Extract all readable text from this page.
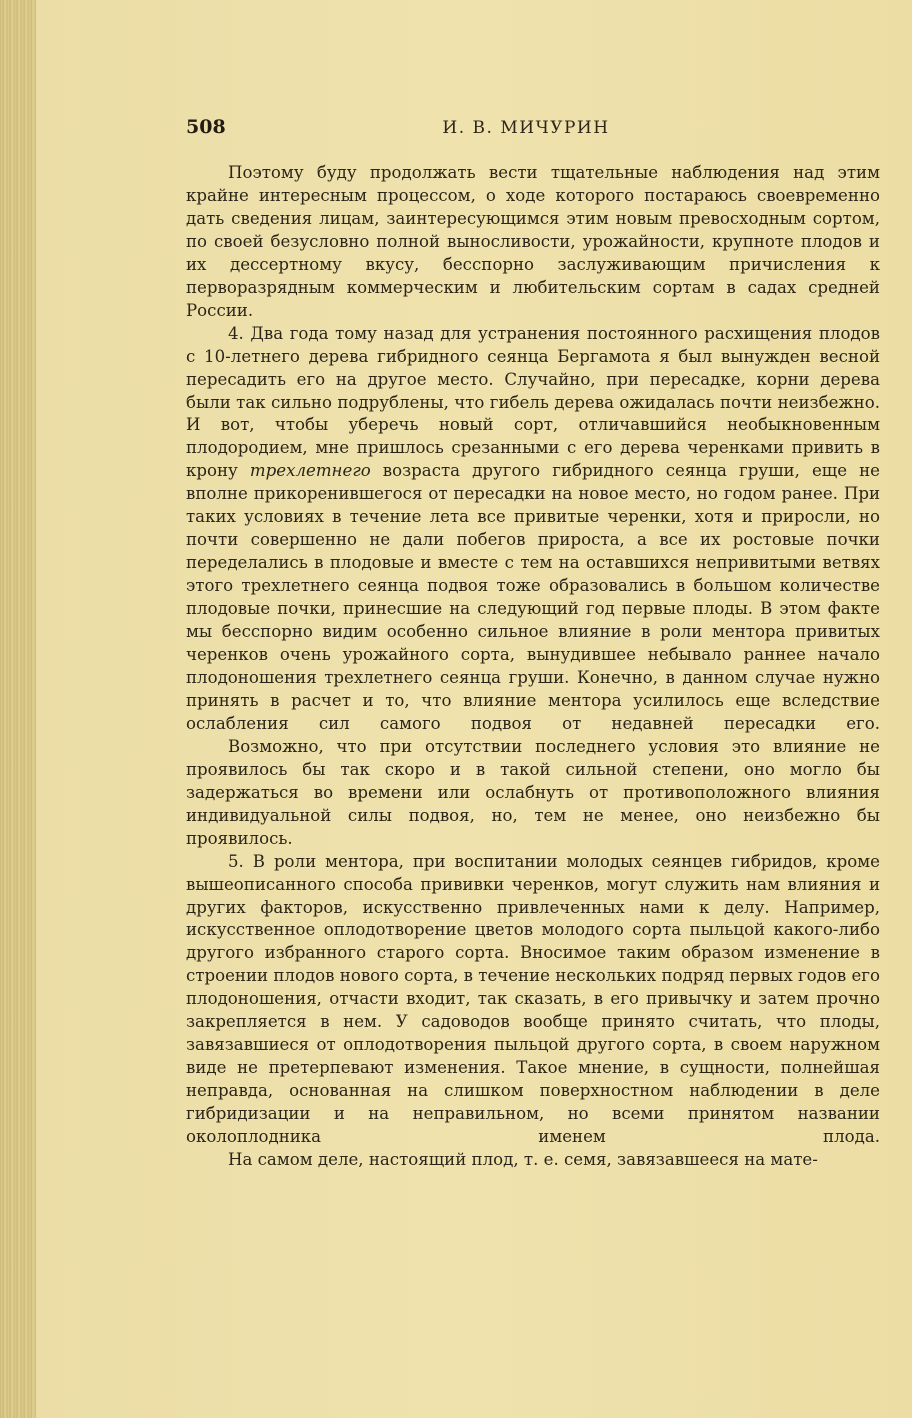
508	И. В. МИЧУРИН

Поэтому буду продолжать вести тщательные наблюдения над этим крайне интересным процессом, о ходе которого постараюсь своевременно дать сведения лицам, заинтересующимся этим новым превосходным сортом, по своей безусловно полной выносливости, урожайности, крупноте плодов и их дессертному вкусу, бесспорно заслуживающим причисления к перворазрядным коммерческим и любительским сортам в садах средней России.

4. Два года тому назад для устранения постоянного расхищения плодов с 10-летнего дерева гибридного сеянца Бергамота я был вынужден весной пересадить его на другое место. Случайно, при пересадке, корни дерева были так сильно подрублены, что гибель дерева ожидалась почти неизбежно. И вот, чтобы уберечь новый сорт, отличавшийся необыкновенным плодородием, мне пришлось срезанными с его дерева черенками привить в крону трехлетнего возраста другого гибридного сеянца груши, еще не вполне прикоренившегося от пересадки на новое место, но годом ранее. При таких условиях в течение лета все привитые черенки, хотя и приросли, но почти совершенно не дали побегов прироста, а все их ростовые почки переделались в плодовые и вместе с тем на оставшихся непривитыми ветвях этого трехлетнего сеянца подвоя тоже образовались в большом количестве плодовые почки, принесшие на следующий год первые плоды. В этом факте мы бесспорно видим особенно сильное влияние в роли ментора привитых черенков очень урожайного сорта, вынудившее небывало раннее начало плодоношения трехлетнего сеянца груши. Конечно, в данном случае нужно принять в расчет и то, что влияние ментора усилилось еще вследствие ослабления сил самого подвоя от недавней пересадки его.

Возможно, что при отсутствии последнего условия это влияние не проявилось бы так скоро и в такой сильной степени, оно могло бы задержаться во времени или ослабнуть от противоположного влияния индивидуальной силы подвоя, но, тем не менее, оно неизбежно бы проявилось.

5. В роли ментора, при воспитании молодых сеянцев гибридов, кроме вышеописанного способа прививки черенков, могут служить нам влияния и других факторов, искусственно привлеченных нами к делу. Например, искусственное оплодотворение цветов молодого сорта пыльцой какого-либо другого избранного старого сорта. Вносимое таким образом изменение в строении плодов нового сорта, в течение нескольких подряд первых годов его плодоношения, отчасти входит, так сказать, в его привычку и затем прочно закрепляется в нем. У садоводов вообще принято считать, что плоды, завязавшиеся от оплодотворения пыльцой другого сорта, в своем наружном виде не претерпевают изменения. Такое мнение, в сущности, полнейшая неправда, основанная на слишком поверхностном наблюдении в деле гибридизации и на неправильном, но всеми принятом названии околоплодника именем плода.

На самом деле, настоящий плод, т. е. семя, завязавшееся на мате-
